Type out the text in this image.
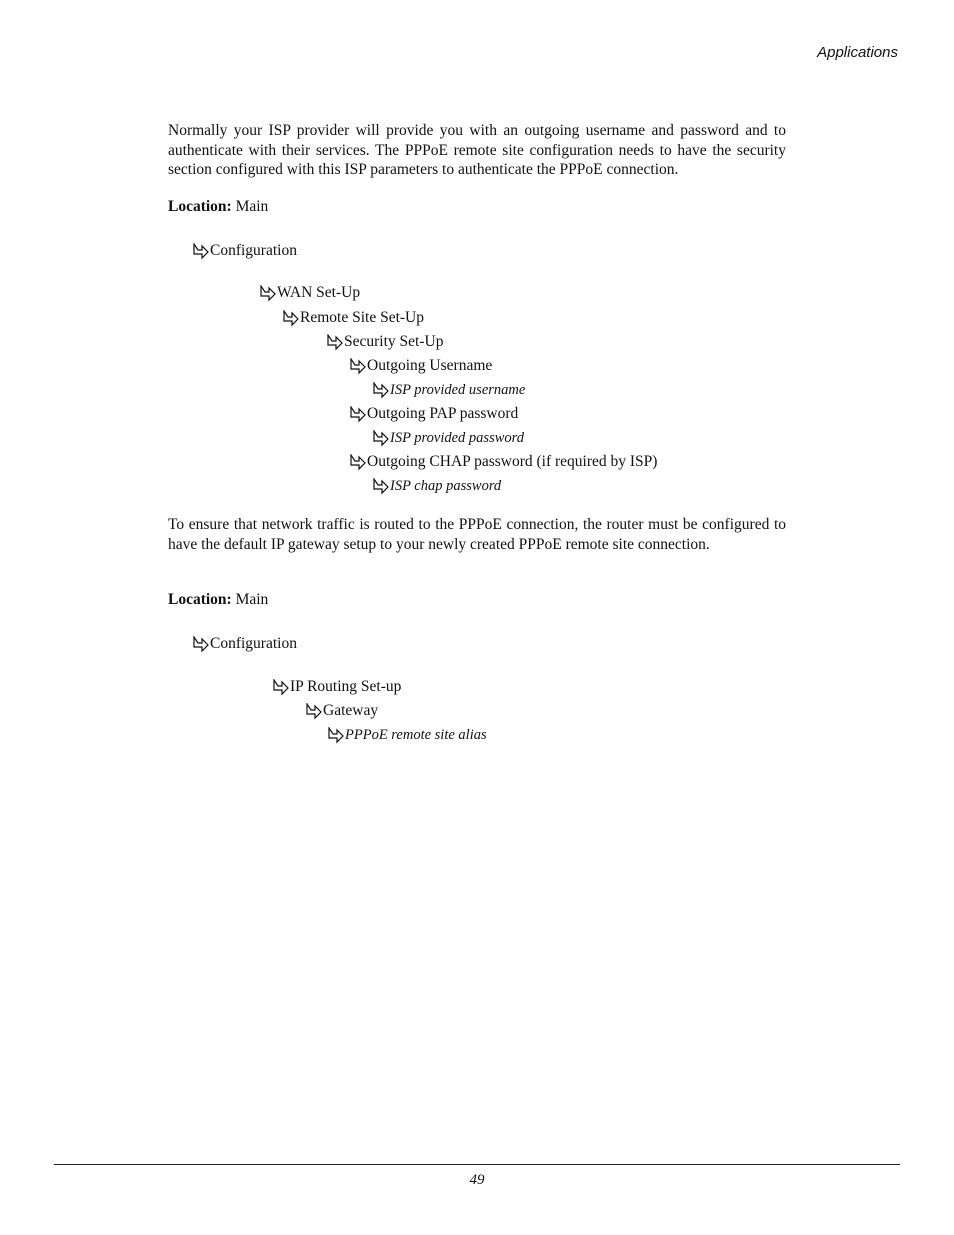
Applications

Normally your ISP provider will provide you with an outgoing username and password and to authenticate with their services. The PPPoE remote site configuration needs to have the security section configured with this ISP parameters to authenticate the PPPoE connection.

Location: Main
Configuration
WAN Set-Up
Remote Site Set-Up
Security Set-Up
Outgoing Username
ISP provided username
Outgoing PAP password
ISP provided password
Outgoing CHAP password (if required by ISP)
ISP chap password

To ensure that network traffic is routed to the PPPoE connection, the router must be configured to have the default IP gateway setup to your newly created PPPoE remote site connection.

Location: Main
Configuration
IP Routing Set-up
Gateway
PPPoE remote site alias
49
